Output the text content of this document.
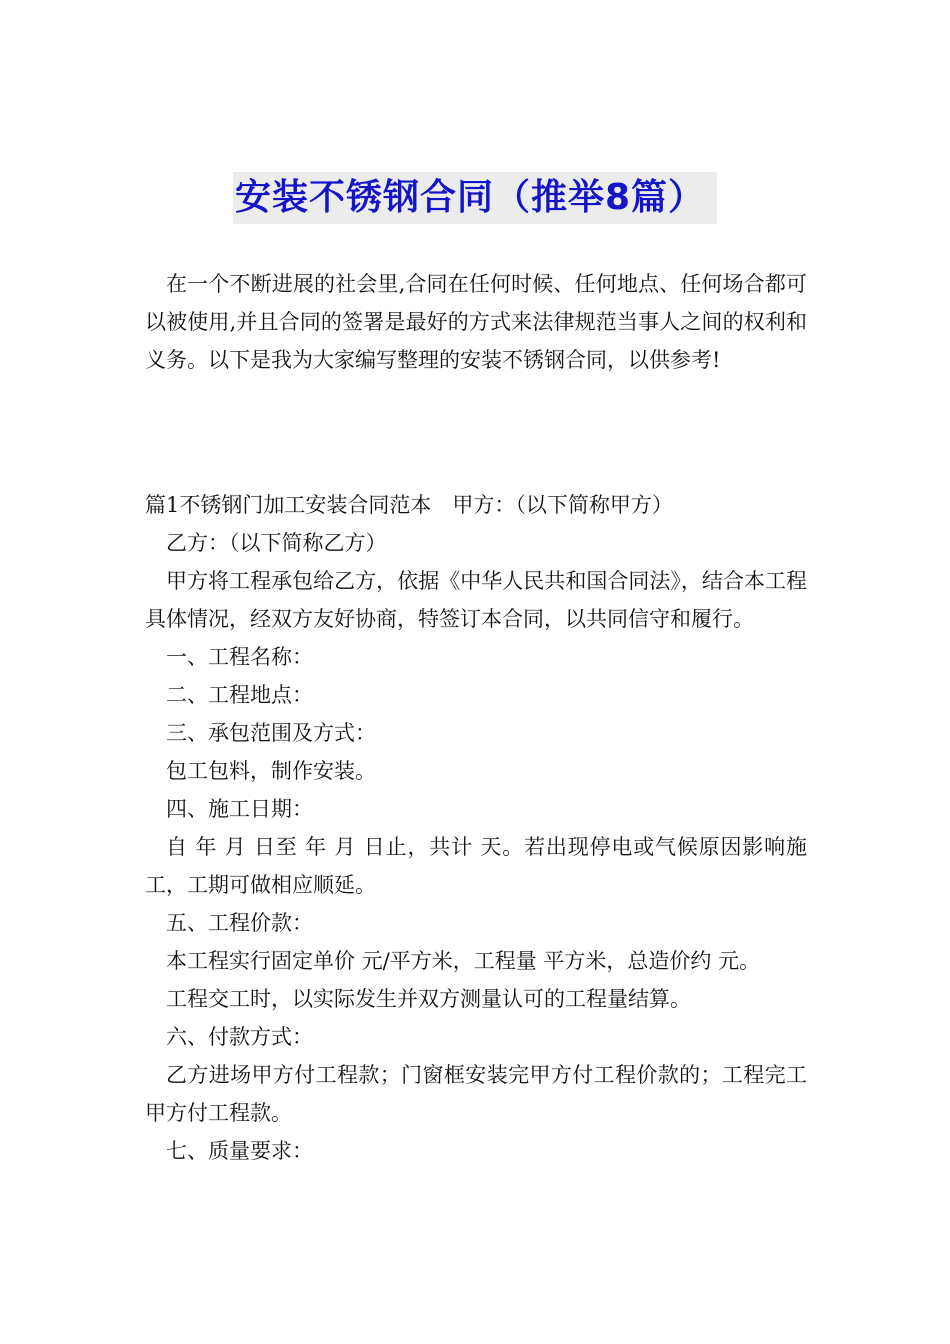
安装不锈钢合同（推举8篇）

在一个不断进展的社会里,合同在任何时候、任何地点、任何场合都可以被使用,并且合同的签署是最好的方式来法律规范当事人之间的权利和义务。以下是我为大家编写整理的安装不锈钢合同，以供参考!

篇1不锈钢门加工安装合同范本　甲方：（以下简称甲方）

乙方：（以下简称乙方）

甲方将工程承包给乙方，依据《中华人民共和国合同法》，结合本工程具体情况，经双方友好协商，特签订本合同，以共同信守和履行。

一、工程名称：

二、工程地点：

三、承包范围及方式：

包工包料，制作安装。

四、施工日期：

自 年 月 日至 年 月 日止，共计 天。若出现停电或气候原因影响施工，工期可做相应顺延。

五、工程价款：

本工程实行固定单价 元/平方米，工程量 平方米，总造价约 元。

工程交工时，以实际发生并双方测量认可的工程量结算。

六、付款方式：

乙方进场甲方付工程款；门窗框安装完甲方付工程价款的；工程完工甲方付工程款。

七、质量要求：
